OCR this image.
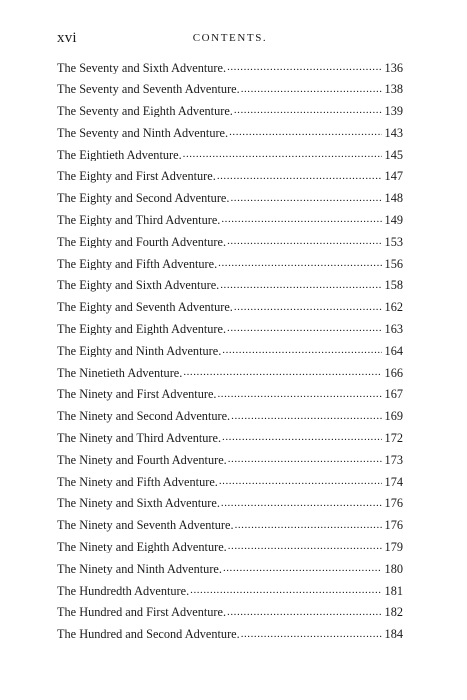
xvi	CONTENTS.
The Seventy and Sixth Adventure. . . .	136
The Seventy and Seventh Adventure. . . .	138
The Seventy and Eighth Adventure. . . .	139
The Seventy and Ninth Adventure. . . .	143
The Eightieth Adventure. . . .	145
The Eighty and First Adventure. . . .	147
The Eighty and Second Adventure. . . .	148
The Eighty and Third Adventure. . . .	149
The Eighty and Fourth Adventure. . . .	153
The Eighty and Fifth Adventure. . . .	156
The Eighty and Sixth Adventure. . . .	158
The Eighty and Seventh Adventure. . . .	162
The Eighty and Eighth Adventure. . . .	163
The Eighty and Ninth Adventure. . . .	164
The Ninetieth Adventure. . . .	166
The Ninety and First Adventure. . . .	167
The Ninety and Second Adventure. . . .	169
The Ninety and Third Adventure. . . .	172
The Ninety and Fourth Adventure. . . .	173
The Ninety and Fifth Adventure. . . .	174
The Ninety and Sixth Adventure. . . .	176
The Ninety and Seventh Adventure. . . .	176
The Ninety and Eighth Adventure. . . .	179
The Ninety and Ninth Adventure. . . .	180
The Hundredth Adventure. . . .	181
The Hundred and First Adventure. . . .	182
The Hundred and Second Adventure. . . .	184
